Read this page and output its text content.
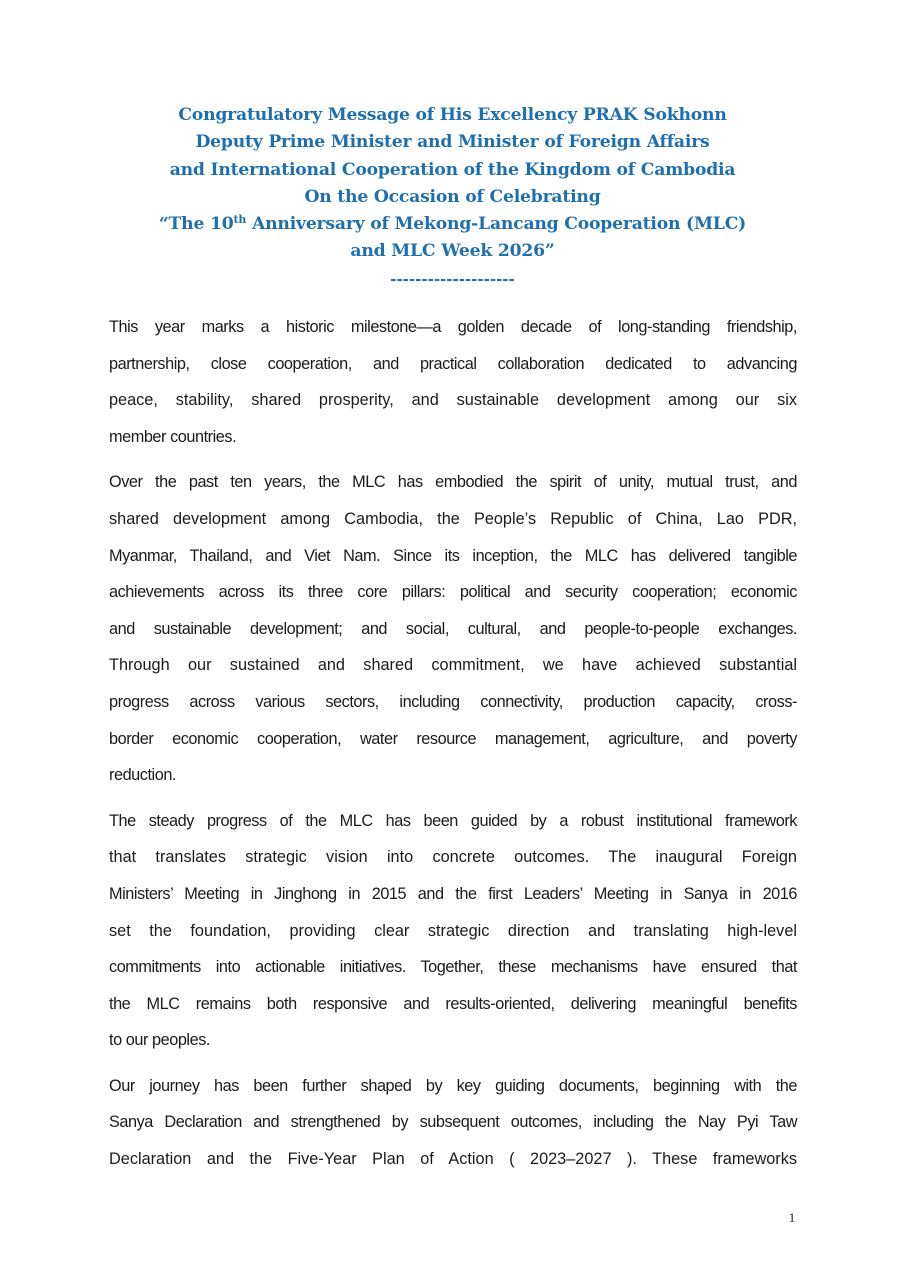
Congratulatory Message of His Excellency PRAK Sokhonn
Deputy Prime Minister and Minister of Foreign Affairs
and International Cooperation of the Kingdom of Cambodia
On the Occasion of Celebrating
“The 10th Anniversary of Mekong-Lancang Cooperation (MLC)
and MLC Week 2026”
--------------------
This year marks a historic milestone—a golden decade of long-standing friendship,
partnership, close cooperation, and practical collaboration dedicated to advancing
peace, stability, shared prosperity, and sustainable development among our six
member countries.
Over the past ten years, the MLC has embodied the spirit of unity, mutual trust, and
shared development among Cambodia, the People’s Republic of China, Lao PDR,
Myanmar, Thailand, and Viet Nam. Since its inception, the MLC has delivered tangible
achievements across its three core pillars: political and security cooperation; economic
and sustainable development; and social, cultural, and people-to-people exchanges.
Through our sustained and shared commitment, we have achieved substantial
progress across various sectors, including connectivity, production capacity, cross-
border economic cooperation, water resource management, agriculture, and poverty
reduction.
The steady progress of the MLC has been guided by a robust institutional framework
that translates strategic vision into concrete outcomes. The inaugural Foreign
Ministers’ Meeting in Jinghong in 2015 and the first Leaders’ Meeting in Sanya in 2016
set the foundation, providing clear strategic direction and translating high-level
commitments into actionable initiatives. Together, these mechanisms have ensured that
the MLC remains both responsive and results-oriented, delivering meaningful benefits
to our peoples.
Our journey has been further shaped by key guiding documents, beginning with the
Sanya Declaration and strengthened by subsequent outcomes, including the Nay Pyi Taw
Declaration and the Five-Year Plan of Action ( 2023–2027 ). These frameworks
1
